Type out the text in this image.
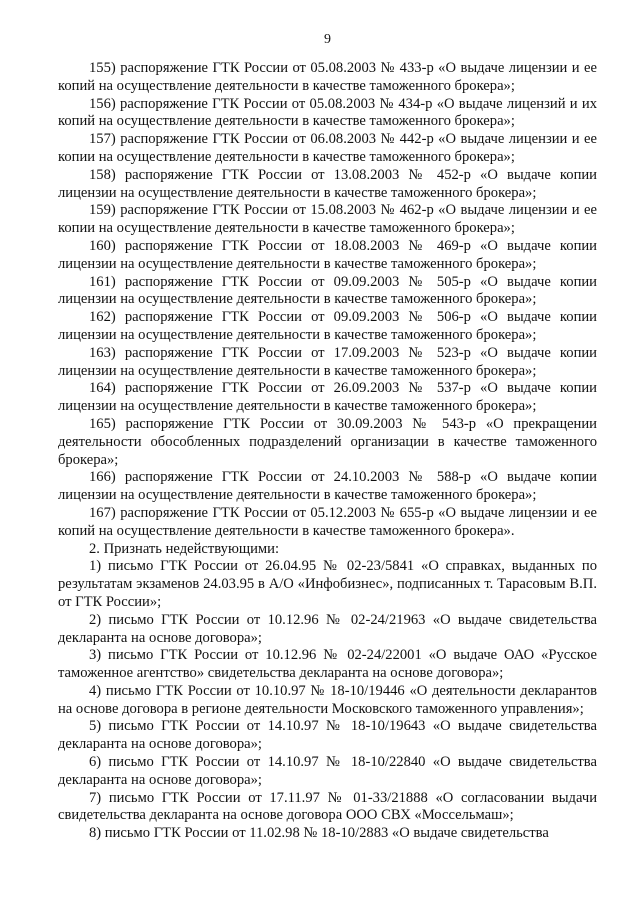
9

155) распоряжение ГТК России от 05.08.2003 № 433-р «О выдаче лицензии и ее копий на осуществление деятельности в качестве таможенного брокера»;

156) распоряжение ГТК России от 05.08.2003 № 434-р «О выдаче лицензий и их копий на осуществление деятельности в качестве таможенного брокера»;

157) распоряжение ГТК России от 06.08.2003 № 442-р «О выдаче лицензии и ее копии на осуществление деятельности в качестве таможенного брокера»;

158) распоряжение ГТК России от 13.08.2003 № 452-р «О выдаче копии лицензии на осуществление деятельности в качестве таможенного брокера»;

159) распоряжение ГТК России от 15.08.2003 № 462-р «О выдаче лицензии и ее копии на осуществление деятельности в качестве таможенного брокера»;

160) распоряжение ГТК России от 18.08.2003 № 469-р «О выдаче копии лицензии на осуществление деятельности в качестве таможенного брокера»;

161) распоряжение ГТК России от 09.09.2003 № 505-р «О выдаче копии лицензии на осуществление деятельности в качестве таможенного брокера»;

162) распоряжение ГТК России от 09.09.2003 № 506-р «О выдаче копии лицензии на осуществление деятельности в качестве таможенного брокера»;

163) распоряжение ГТК России от 17.09.2003 № 523-р «О выдаче копии лицензии на осуществление деятельности в качестве таможенного брокера»;

164) распоряжение ГТК России от 26.09.2003 № 537-р «О выдаче копии лицензии на осуществление деятельности в качестве таможенного брокера»;

165) распоряжение ГТК России от 30.09.2003 № 543-р «О прекращении деятельности обособленных подразделений организации в качестве таможенного брокера»;

166) распоряжение ГТК России от 24.10.2003 № 588-р «О выдаче копии лицензии на осуществление деятельности в качестве таможенного брокера»;

167) распоряжение ГТК России от 05.12.2003 № 655-р «О выдаче лицензии и ее копий на осуществление деятельности в качестве таможенного брокера».

2. Признать недействующими:

1) письмо ГТК России от 26.04.95 № 02-23/5841 «О справках, выданных по результатам экзаменов 24.03.95 в А/О «Инфобизнес», подписанных т. Тарасовым В.П. от ГТК России»;

2) письмо ГТК России от 10.12.96 № 02-24/21963 «О выдаче свидетельства декларанта на основе договора»;

3) письмо ГТК России от 10.12.96 № 02-24/22001 «О выдаче ОАО «Русское таможенное агентство» свидетельства декларанта на основе договора»;

4) письмо ГТК России от 10.10.97 № 18-10/19446 «О деятельности декларантов на основе договора в регионе деятельности Московского таможенного управления»;

5) письмо ГТК России от 14.10.97 № 18-10/19643 «О выдаче свидетельства декларанта на основе договора»;

6) письмо ГТК России от 14.10.97 № 18-10/22840 «О выдаче свидетельства декларанта на основе договора»;

7) письмо ГТК России от 17.11.97 № 01-33/21888 «О согласовании выдачи свидетельства декларанта на основе договора ООО СВХ «Моссельмаш»;

8) письмо ГТК России от 11.02.98 № 18-10/2883 «О выдаче свидетельства
